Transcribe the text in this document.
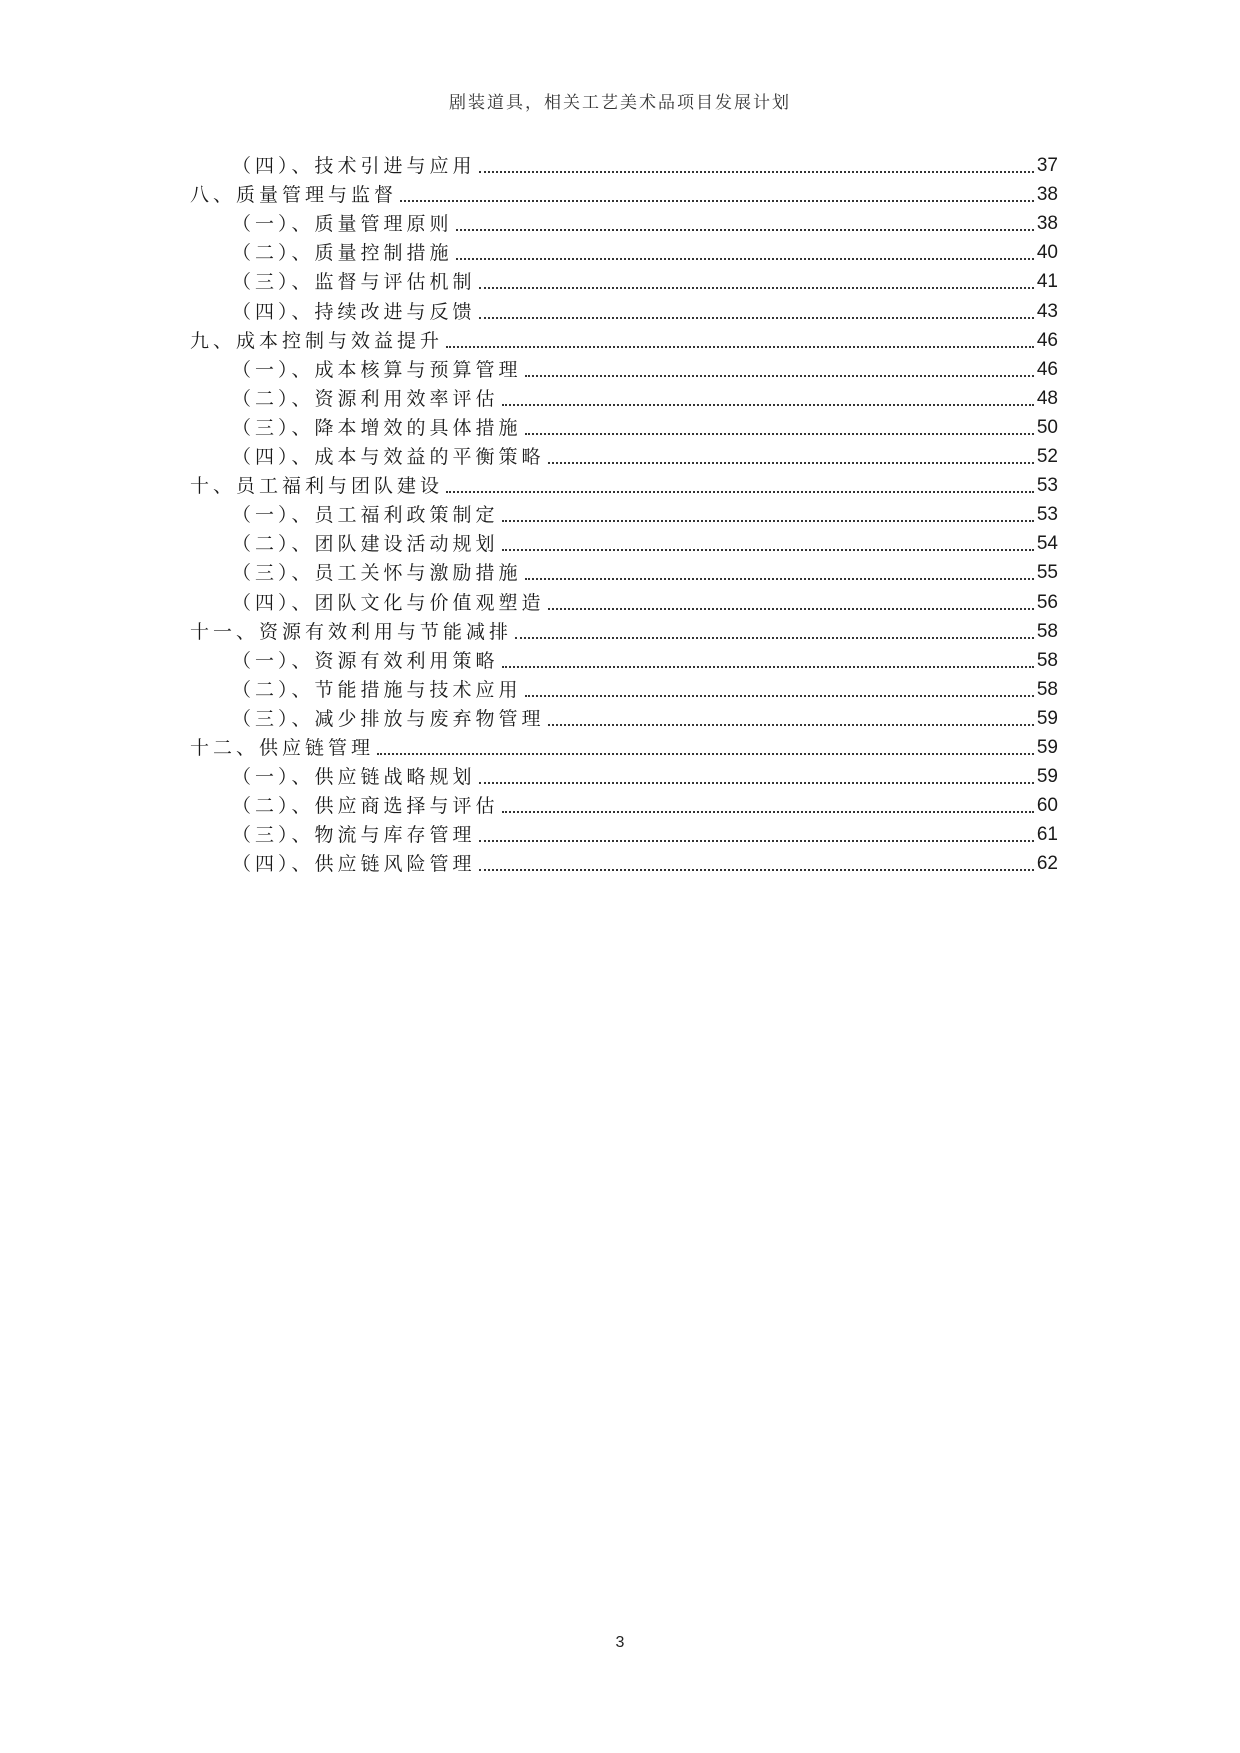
剧装道具，相关工艺美术品项目发展计划
（四）、技术引进与应用	37
八、质量管理与监督	38
（一）、质量管理原则	38
（二）、质量控制措施	40
（三）、监督与评估机制	41
（四）、持续改进与反馈	43
九、成本控制与效益提升	46
（一）、成本核算与预算管理	46
（二）、资源利用效率评估	48
（三）、降本增效的具体措施	50
（四）、成本与效益的平衡策略	52
十、员工福利与团队建设	53
（一）、员工福利政策制定	53
（二）、团队建设活动规划	54
（三）、员工关怀与激励措施	55
（四）、团队文化与价值观塑造	56
十一、资源有效利用与节能减排	58
（一）、资源有效利用策略	58
（二）、节能措施与技术应用	58
（三）、减少排放与废弃物管理	59
十二、供应链管理	59
（一）、供应链战略规划	59
（二）、供应商选择与评估	60
（三）、物流与库存管理	61
（四）、供应链风险管理	62
3
